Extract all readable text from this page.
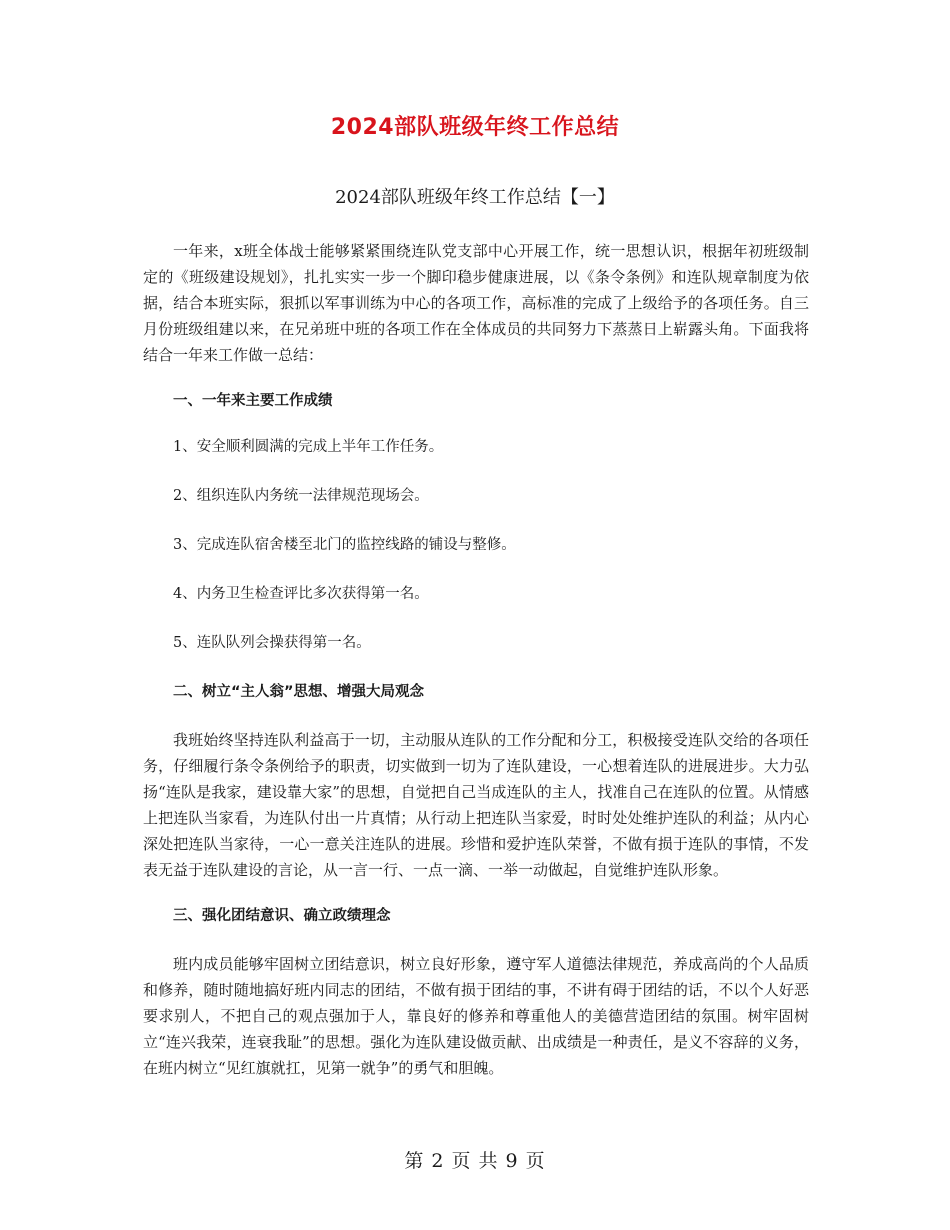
2024部队班级年终工作总结
2024部队班级年终工作总结【一】

一年来，x班全体战士能够紧紧围绕连队党支部中心开展工作，统一思想认识，根据年初班级制定的《班级建设规划》，扎扎实实一步一个脚印稳步健康进展，以《条令条例》和连队规章制度为依据，结合本班实际，狠抓以军事训练为中心的各项工作，高标准的完成了上级给予的各项任务。自三月份班级组建以来，在兄弟班中班的各项工作在全体成员的共同努力下蒸蒸日上崭露头角。下面我将结合一年来工作做一总结：

一、一年来主要工作成绩
1、安全顺利圆满的完成上半年工作任务。
2、组织连队内务统一法律规范现场会。
3、完成连队宿舍楼至北门的监控线路的铺设与整修。
4、内务卫生检查评比多次获得第一名。
5、连队队列会操获得第一名。
二、树立“主人翁”思想、增强大局观念

我班始终坚持连队利益高于一切，主动服从连队的工作分配和分工，积极接受连队交给的各项任务，仔细履行条令条例给予的职责，切实做到一切为了连队建设，一心想着连队的进展进步。大力弘扬“连队是我家，建设靠大家”的思想，自觉把自己当成连队的主人，找准自己在连队的位置。从情感上把连队当家看，为连队付出一片真情；从行动上把连队当家爱，时时处处维护连队的利益；从内心深处把连队当家待，一心一意关注连队的进展。珍惜和爱护连队荣誉，不做有损于连队的事情，不发表无益于连队建设的言论，从一言一行、一点一滴、一举一动做起，自觉维护连队形象。

三、强化团结意识、确立政绩理念

班内成员能够牢固树立团结意识，树立良好形象，遵守军人道德法律规范，养成高尚的个人品质和修养，随时随地搞好班内同志的团结，不做有损于团结的事，不讲有碍于团结的话，不以个人好恶要求别人，不把自己的观点强加于人，靠良好的修养和尊重他人的美德营造团结的氛围。树牢固树立“连兴我荣，连衰我耻”的思想。强化为连队建设做贡献、出成绩是一种责任，是义不容辞的义务，在班内树立“见红旗就扛，见第一就争”的勇气和胆魄。

第 2 页 共 9 页
